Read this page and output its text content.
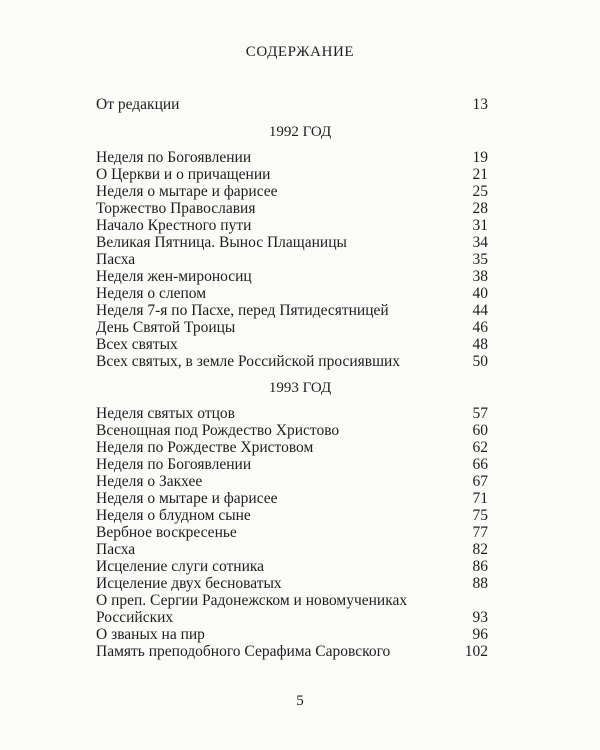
СОДЕРЖАНИЕ
От редакции	13
1992 ГОД
Неделя по Богоявлении	19
О Церкви и о причащении	21
Неделя о мытаре и фарисее	25
Торжество Православия	28
Начало Крестного пути	31
Великая Пятница. Вынос Плащаницы	34
Пасха	35
Неделя жен-мироносиц	38
Неделя о слепом	40
Неделя 7-я по Пасхе, перед Пятидесятницей	44
День Святой Троицы	46
Всех святых	48
Всех святых, в земле Российской просиявших	50
1993 ГОД
Неделя святых отцов	57
Всенощная под Рождество Христово	60
Неделя по Рождестве Христовом	62
Неделя по Богоявлении	66
Неделя о Закхее	67
Неделя о мытаре и фарисее	71
Неделя о блудном сыне	75
Вербное воскресенье	77
Пасха	82
Исцеление слуги сотника	86
Исцеление двух бесноватых	88
О преп. Сергии Радонежском и новомучениках Российских	93
О званых на пир	96
Память преподобного Серафима Саровского	102
5
